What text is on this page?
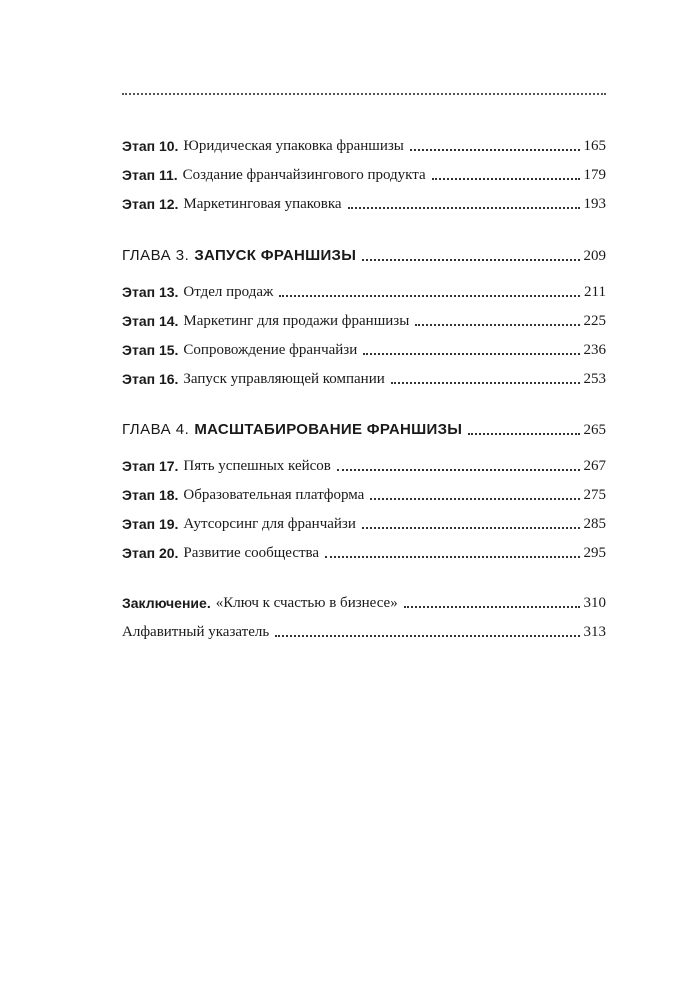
Этап 10. Юридическая упаковка франшизы	165
Этап 11. Создание франчайзингового продукта	179
Этап 12. Маркетинговая упаковка	193
ГЛАВА 3. ЗАПУСК ФРАНШИЗЫ	209
Этап 13. Отдел продаж	211
Этап 14. Маркетинг для продажи франшизы	225
Этап 15. Сопровождение франчайзи	236
Этап 16. Запуск управляющей компании	253
ГЛАВА 4. МАСШТАБИРОВАНИЕ ФРАНШИЗЫ	265
Этап 17. Пять успешных кейсов	267
Этап 18. Образовательная платформа	275
Этап 19. Аутсорсинг для франчайзи	285
Этап 20. Развитие сообщества	295
Заключение. «Ключ к счастью в бизнесе»	310
Алфавитный указатель	313
